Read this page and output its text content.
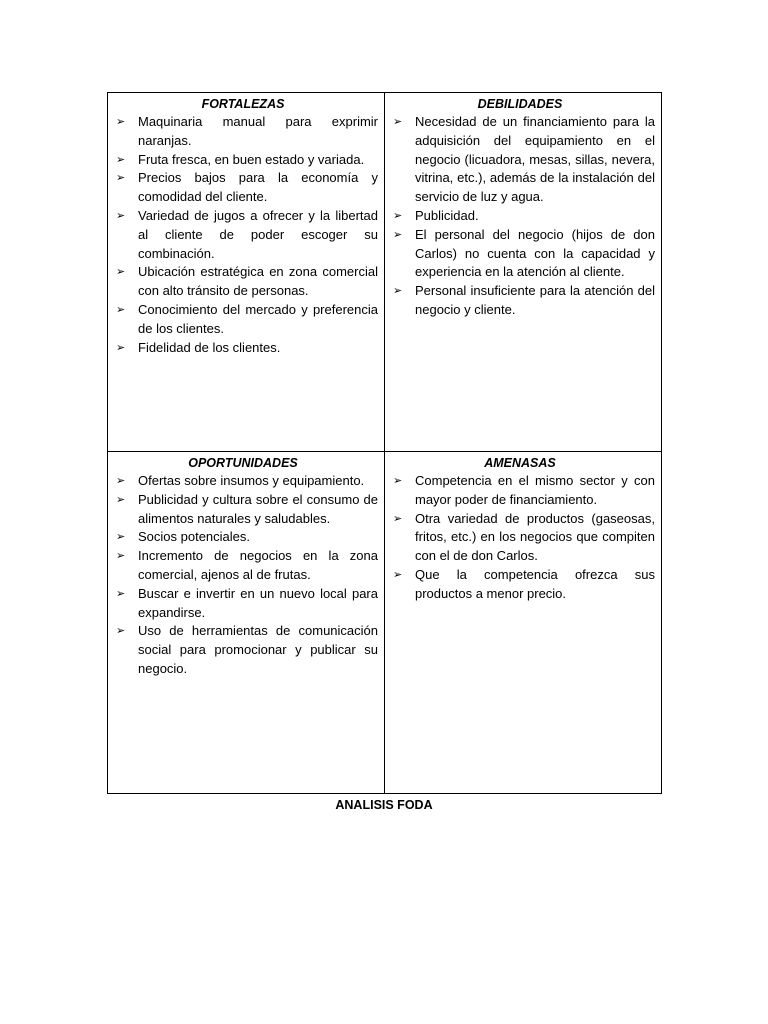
FORTALEZAS
➢ Maquinaria manual para exprimir naranjas.
➢ Fruta fresca, en buen estado y variada.
➢ Precios bajos para la economía y comodidad del cliente.
➢ Variedad de jugos a ofrecer y la libertad al cliente de poder escoger su combinación.
➢ Ubicación estratégica en zona comercial con alto tránsito de personas.
➢ Conocimiento del mercado y preferencia de los clientes.
➢ Fidelidad de los clientes.
DEBILIDADES
➢ Necesidad de un financiamiento para la adquisición del equipamiento en el negocio (licuadora, mesas, sillas, nevera, vitrina, etc.), además de la instalación del servicio de luz y agua.
➢ Publicidad.
➢ El personal del negocio (hijos de don Carlos) no cuenta con la capacidad y experiencia en la atención al cliente.
➢ Personal insuficiente para la atención del negocio y cliente.
OPORTUNIDADES
➢ Ofertas sobre insumos y equipamiento.
➢ Publicidad y cultura sobre el consumo de alimentos naturales y saludables.
➢ Socios potenciales.
➢ Incremento de negocios en la zona comercial, ajenos al de frutas.
➢ Buscar e invertir en un nuevo local para expandirse.
➢ Uso de herramientas de comunicación social para promocionar y publicar su negocio.
AMENASAS
➢ Competencia en el mismo sector y con mayor poder de financiamiento.
➢ Otra variedad de productos (gaseosas, fritos, etc.) en los negocios que compiten con el de don Carlos.
➢ Que la competencia ofrezca sus productos a menor precio.
ANALISIS FODA
